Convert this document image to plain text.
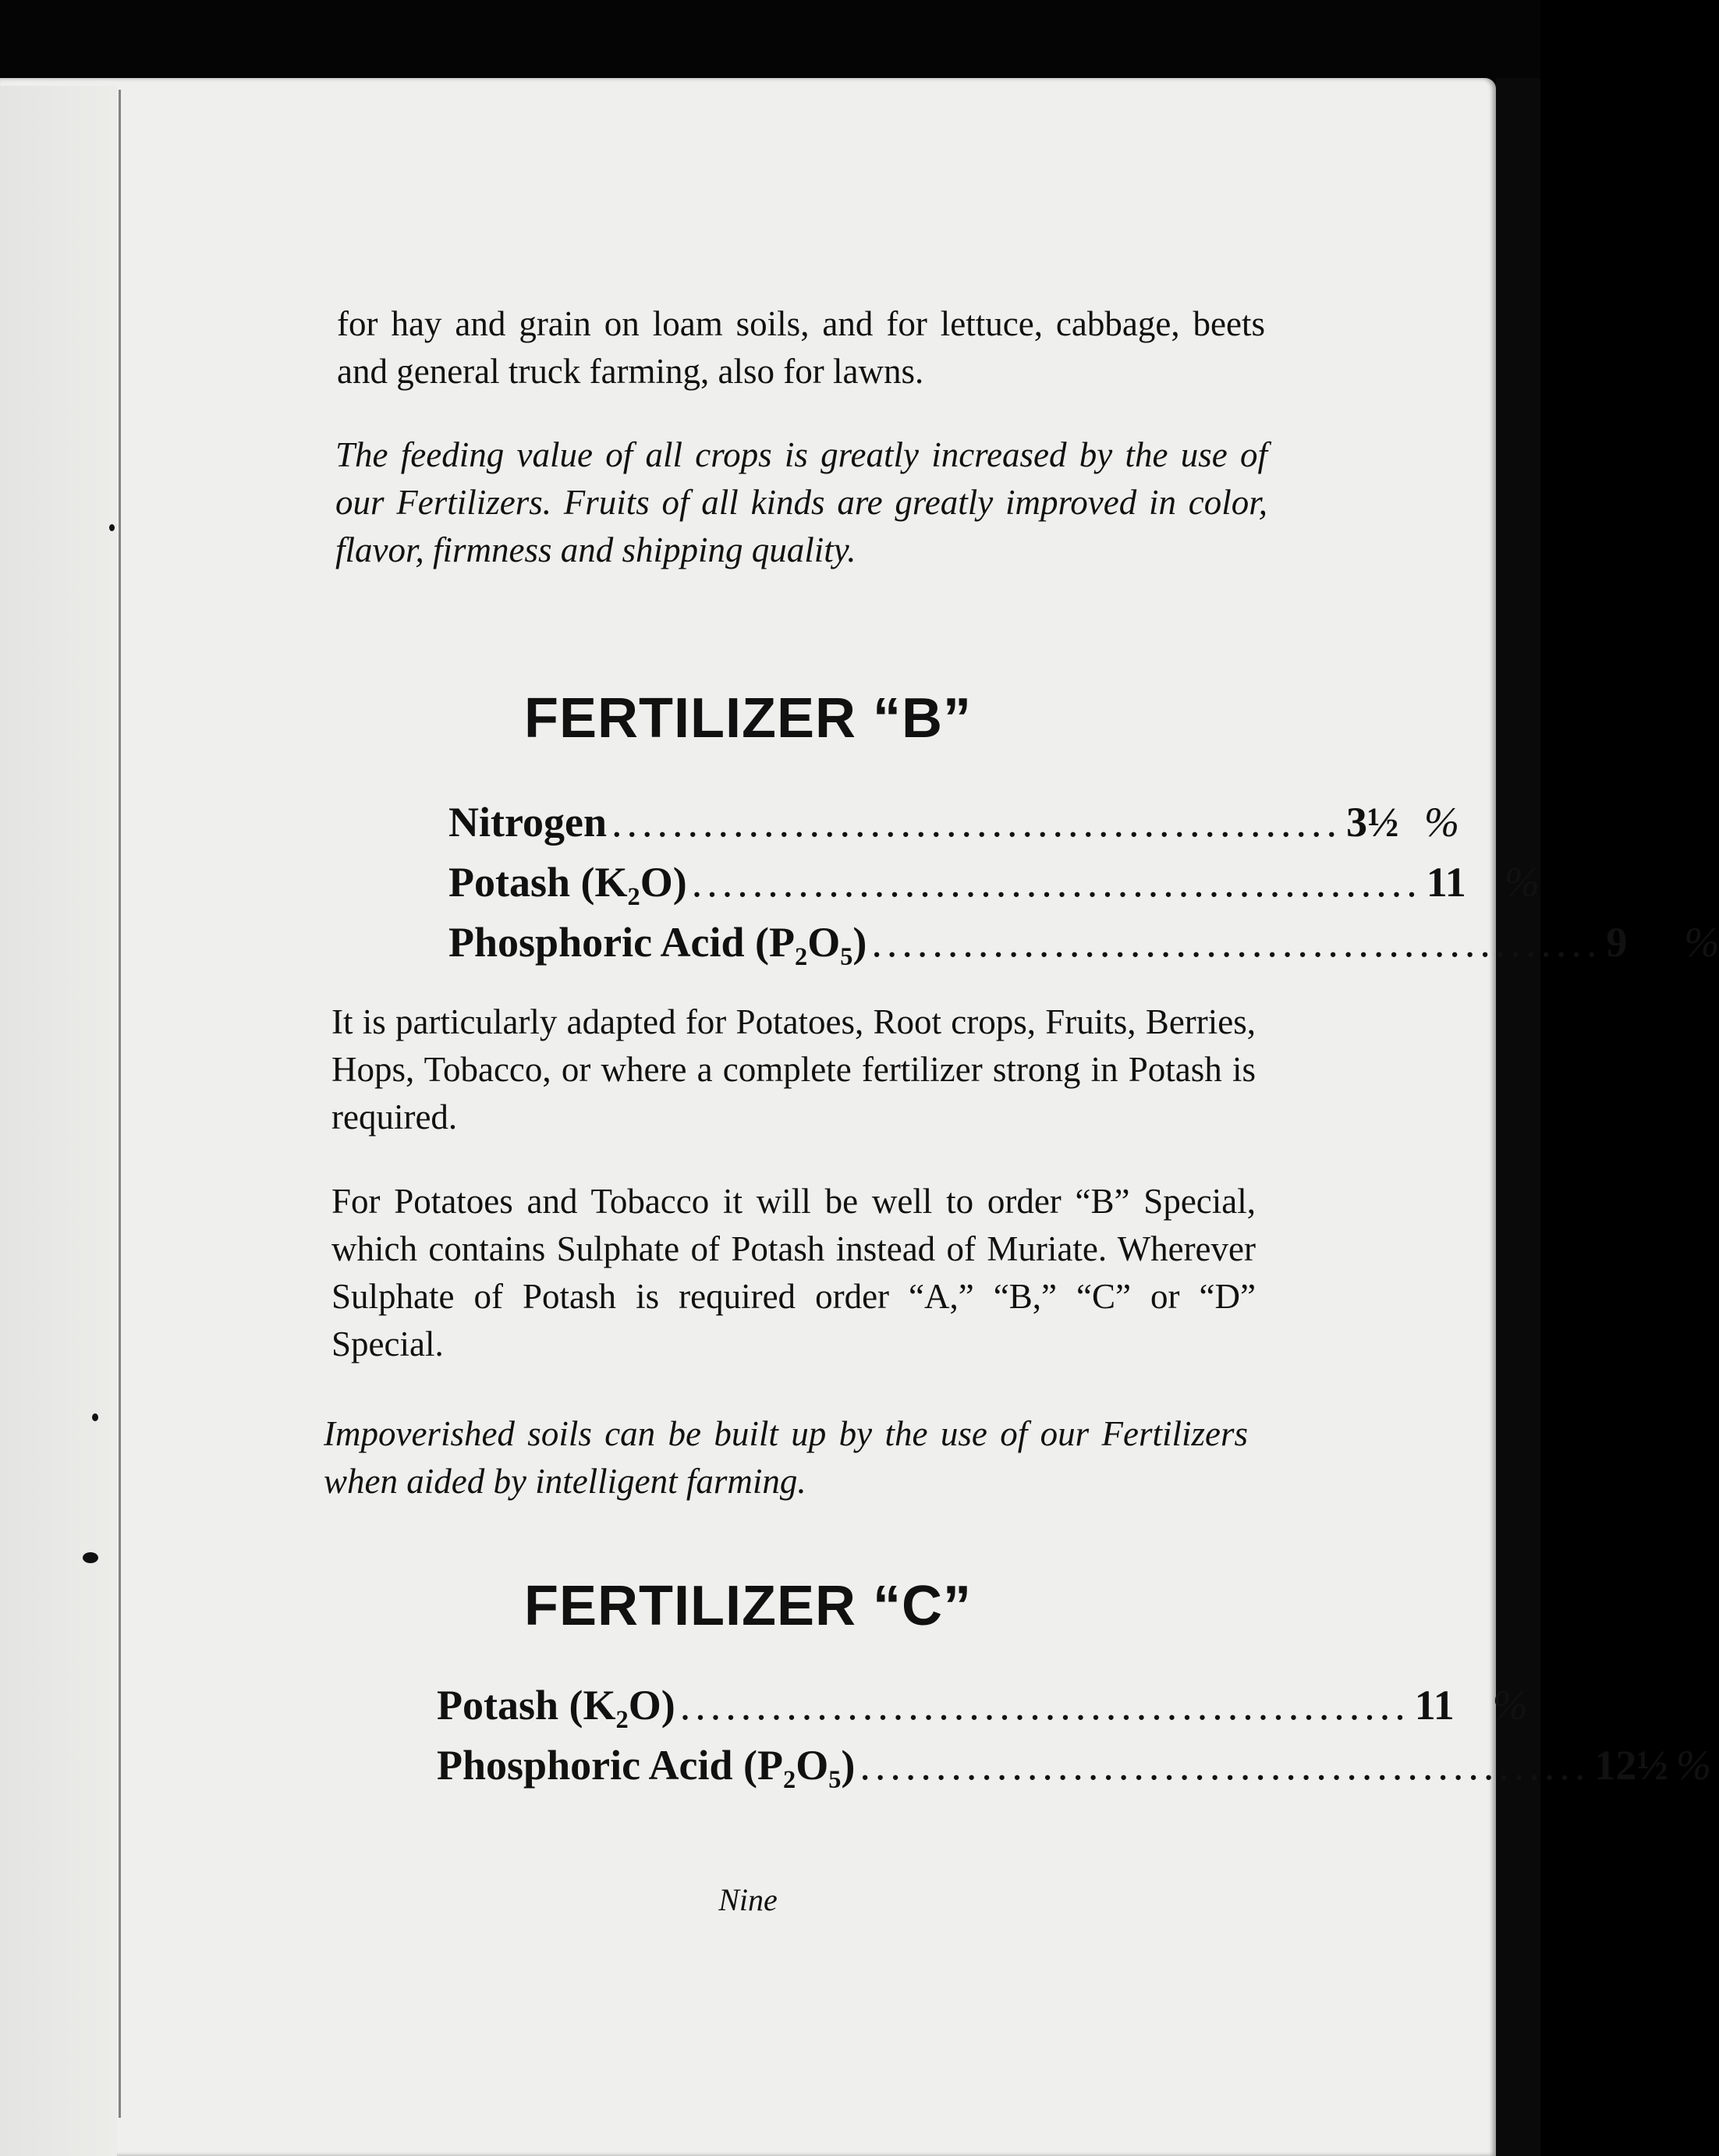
for hay and grain on loam soils, and for lettuce, cabbage, beets and general truck farming, also for lawns.

The feeding value of all crops is greatly increased by the use of our Fertilizers. Fruits of all kinds are greatly improved in color, flavor, firmness and shipping quality.

FERTILIZER “B”
Nitrogen ................................................ 3½ %
Potash (K₂O) ................................................ 11 %
Phosphoric Acid (P₂O₅) ................................................ 9	%

It is particularly adapted for Potatoes, Root crops, Fruits, Berries, Hops, Tobacco, or where a complete fertilizer strong in Potash is required.

For Potatoes and Tobacco it will be well to order “B” Special, which contains Sulphate of Potash instead of Muriate. Wherever Sulphate of Potash is required order “A,” “B,” “C” or “D” Special.

Impoverished soils can be built up by the use of our Fertilizers when aided by intelligent farming.

FERTILIZER “C”
Potash (K₂O) ................................................ 11 %
Phosphoric Acid (P₂O₅) ................................................ 12½ %

Nine
